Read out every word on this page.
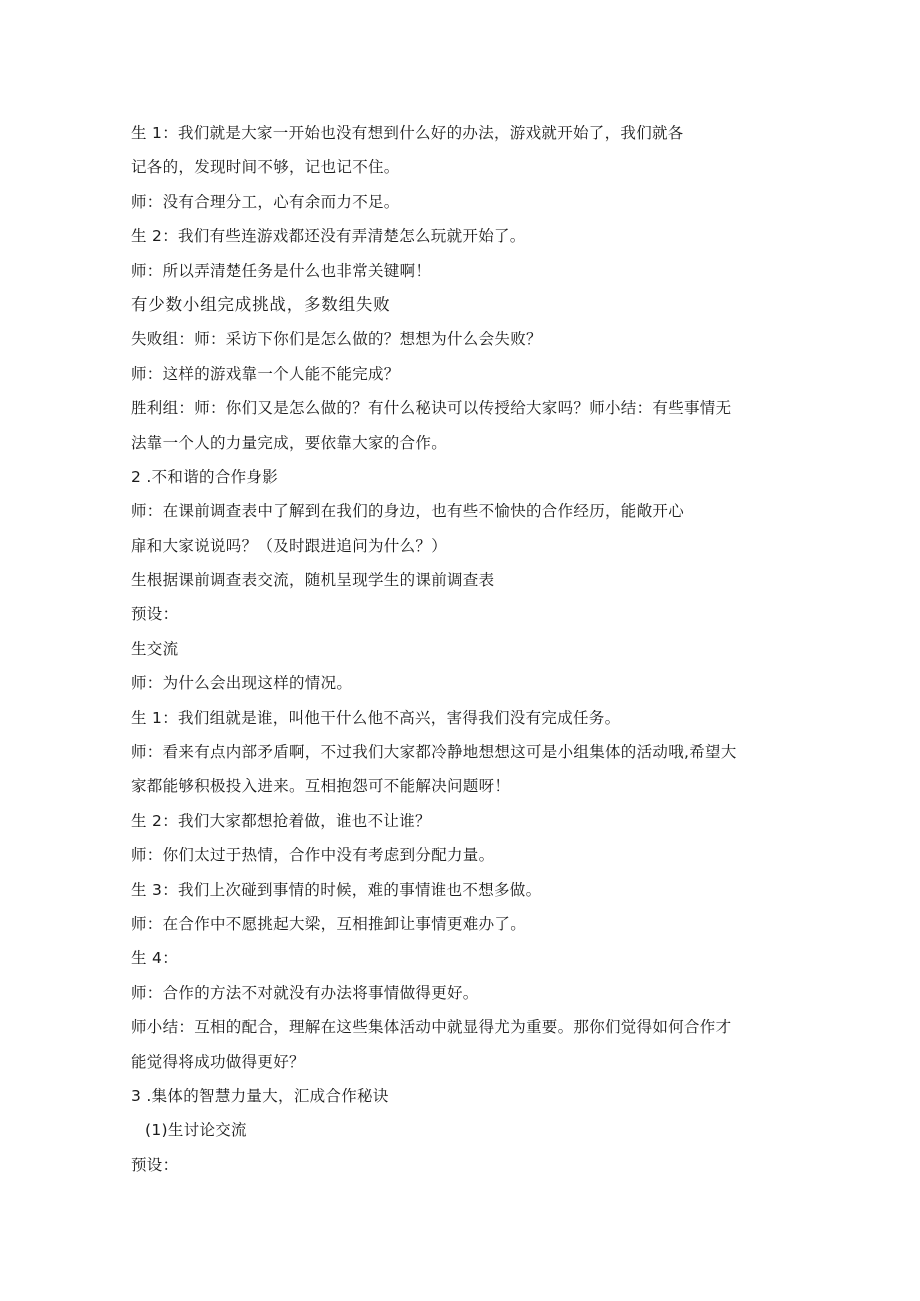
生 1：我们就是大家一开始也没有想到什么好的办法，游戏就开始了，我们就各
记各的，发现时间不够，记也记不住。
师：没有合理分工，心有余而力不足。
生 2：我们有些连游戏都还没有弄清楚怎么玩就开始了。
师：所以弄清楚任务是什么也非常关键啊！
有少数小组完成挑战，多数组失败
失败组：师：采访下你们是怎么做的？想想为什么会失败？
师：这样的游戏靠一个人能不能完成？
胜利组：师：你们又是怎么做的？有什么秘诀可以传授给大家吗？师小结：有些事情无
法靠一个人的力量完成，要依靠大家的合作。
2 .不和谐的合作身影
师：在课前调查表中了解到在我们的身边，也有些不愉快的合作经历，能敞开心
扉和大家说说吗？（及时跟进追问为什么？）
生根据课前调查表交流，随机呈现学生的课前调查表
预设：
生交流
师：为什么会出现这样的情况。
生 1：我们组就是谁，叫他干什么他不高兴，害得我们没有完成任务。
师：看来有点内部矛盾啊，不过我们大家都冷静地想想这可是小组集体的活动哦,希望大
家都能够积极投入进来。互相抱怨可不能解决问题呀！
生 2：我们大家都想抢着做，谁也不让谁？
师：你们太过于热情，合作中没有考虑到分配力量。
生 3：我们上次碰到事情的时候，难的事情谁也不想多做。
师：在合作中不愿挑起大梁，互相推卸让事情更难办了。
生 4：
师：合作的方法不对就没有办法将事情做得更好。
师小结：互相的配合，理解在这些集体活动中就显得尤为重要。那你们觉得如何合作才
能觉得将成功做得更好？
3 .集体的智慧力量大，汇成合作秘诀
(1)生讨论交流
预设：
